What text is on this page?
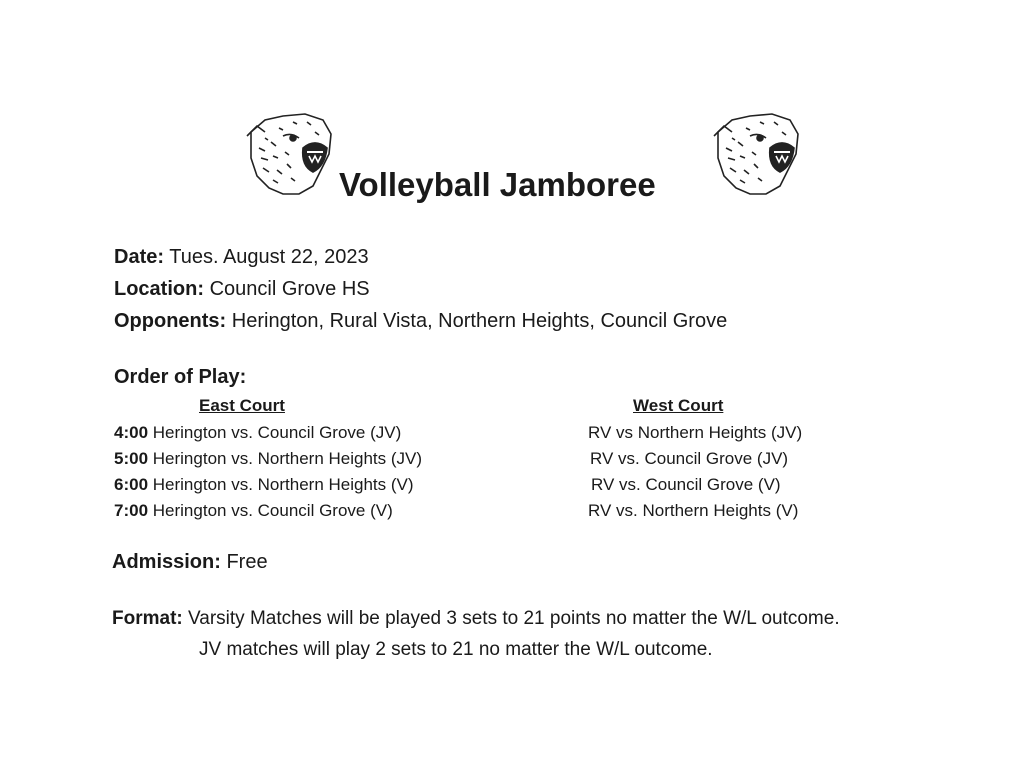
Volleyball Jamboree
Date: Tues. August 22, 2023
Location: Council Grove HS
Opponents: Herington, Rural Vista, Northern Heights, Council Grove
Order of Play:
East Court	West Court
4:00 Herington vs. Council Grove (JV)	RV vs Northern Heights (JV)
5:00 Herington vs. Northern Heights (JV)	RV vs. Council Grove (JV)
6:00 Herington vs. Northern Heights (V)	RV vs. Council Grove (V)
7:00 Herington vs. Council Grove (V)	RV vs. Northern Heights (V)
Admission: Free
Format: Varsity Matches will be played 3 sets to 21 points no matter the W/L outcome.
JV matches will play 2 sets to 21 no matter the W/L outcome.
